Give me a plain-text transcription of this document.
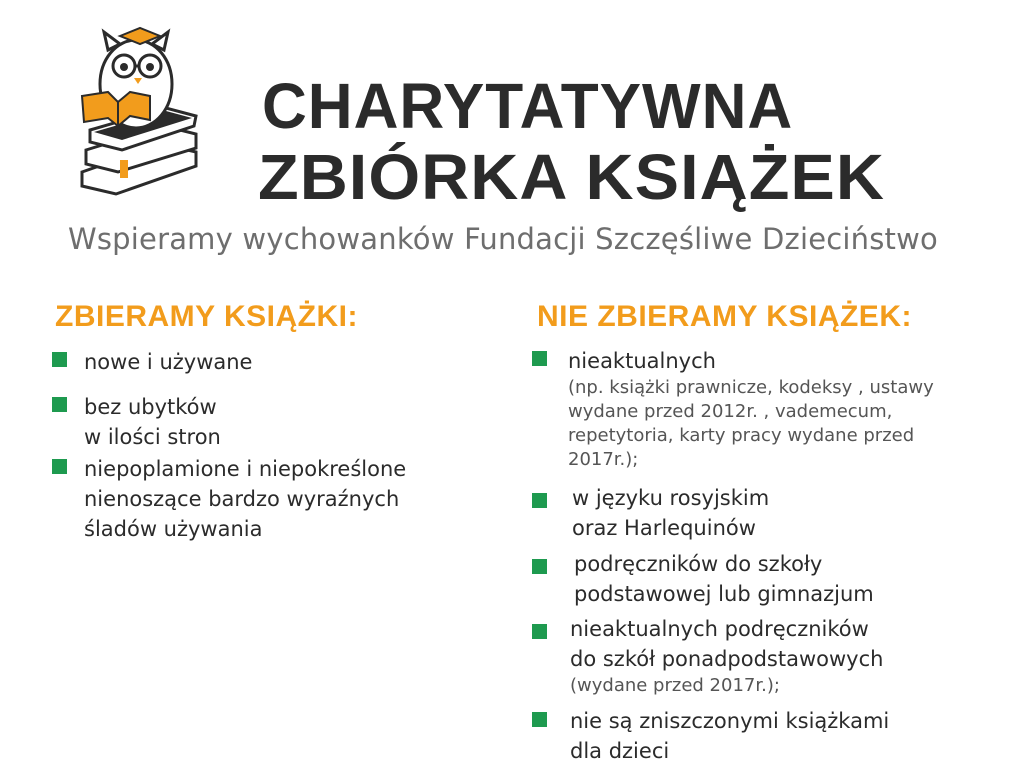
CHARYTATYWNA
ZBIÓRKA KSIĄŻEK
Wspieramy wychowanków Fundacji Szczęśliwe Dzieciństwo
ZBIERAMY KSIĄŻKI:	NIE ZBIERAMY KSIĄŻEK:
nowe i używane
bez ubytków
w ilości stron
niepoplamione i niepokreślone
nienoszące bardzo wyraźnych
śladów używania
nieaktualnych
(np. książki prawnicze, kodeksy , ustawy
wydane przed 2012r. , vademecum,
repetytoria, karty pracy wydane przed
2017r.);
w języku rosyjskim
oraz Harlequinów
podręczników do szkoły
podstawowej lub gimnazjum
nieaktualnych podręczników
do szkół ponadpodstawowych
(wydane przed 2017r.);
nie są zniszczonymi książkami
dla dzieci
